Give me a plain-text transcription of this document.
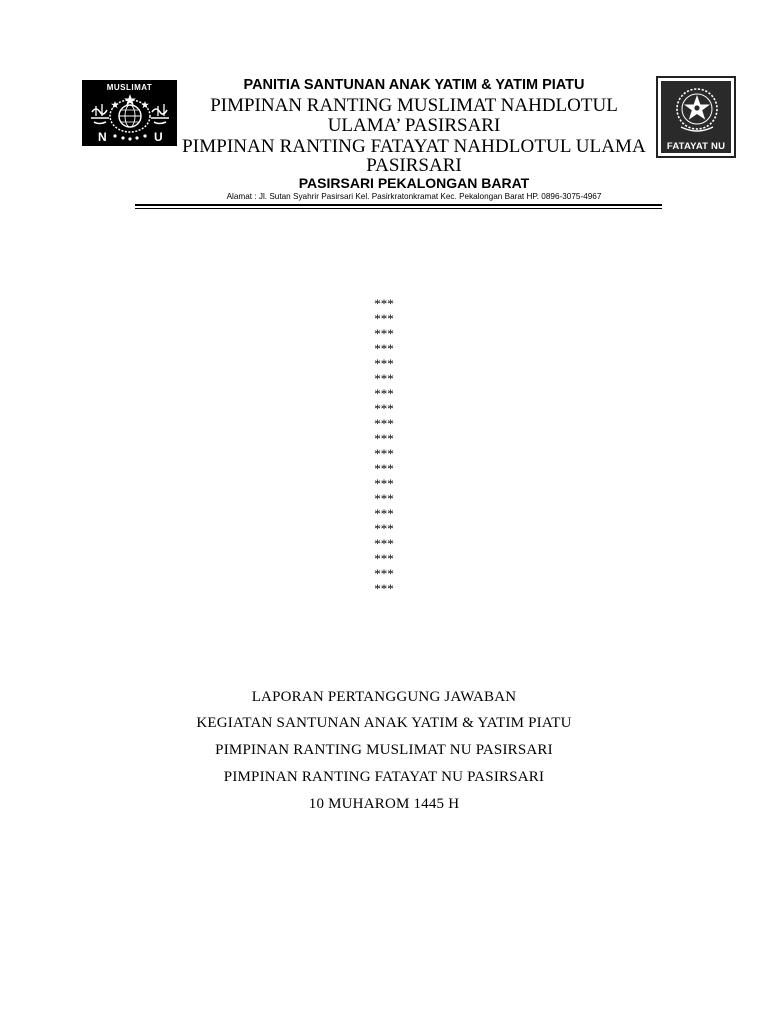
MUSLIMAT
N	U
FATAYAT NU
PANITIA SANTUNAN ANAK YATIM & YATIM PIATU
PIMPINAN RANTING MUSLIMAT NAHDLOTUL
ULAMA’ PASIRSARI
PIMPINAN RANTING FATAYAT NAHDLOTUL ULAMA
PASIRSARI
PASIRSARI PEKALONGAN BARAT
Alamat : Jl. Sutan Syahrir Pasirsari Kel. Pasirkratonkramat Kec. Pekalongan Barat HP. 0896-3075-4967
***
***
***
***
***
***
***
***
***
***
***
***
***
***
***
***
***
***
***
***
LAPORAN PERTANGGUNG JAWABAN
KEGIATAN SANTUNAN ANAK YATIM & YATIM PIATU
PIMPINAN RANTING MUSLIMAT NU PASIRSARI
PIMPINAN RANTING FATAYAT NU PASIRSARI
10 MUHAROM 1445 H
